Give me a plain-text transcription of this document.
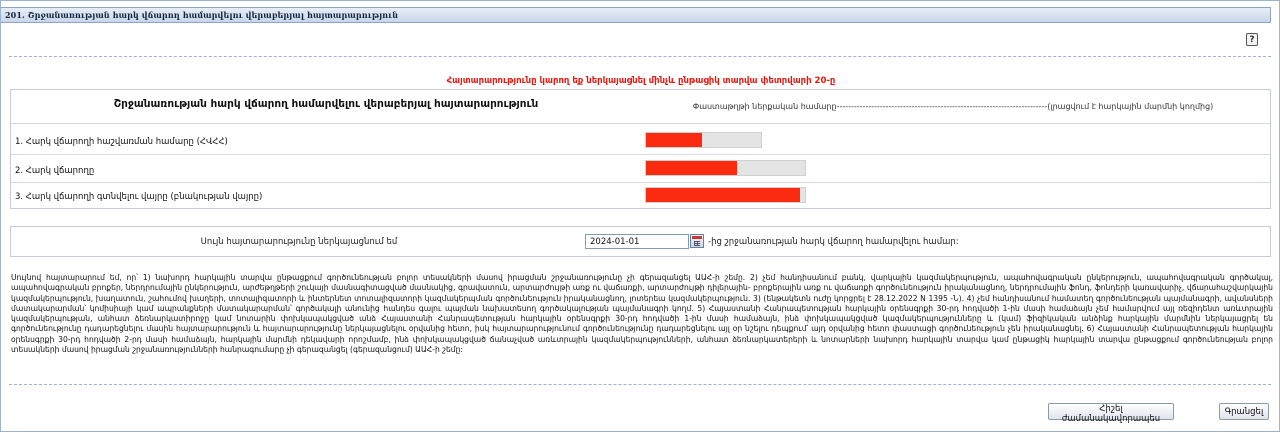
201. Շրջանառության հարկ վճարող համարվելու վերաբերյալ հայտարարություն
?
Հայտարարությունը կարող եք ներկայացնել մինչև ընթացիկ տարվա փետրվարի 20-ը
Շրջանառության հարկ վճարող համարվելու վերաբերյալ հայտարարություն	Փաստաթղթի ներքական համարը-------------------------------------------------------------------------(լրացվում է հարկային մարմնի կողմից)
1. Հարկ վճարողի հաշվառման համարը (ՀՎՀՀ)
2. Հարկ վճարողը
3. Հարկ վճարողի գտնվելու վայրը (բնակության վայրը)
Սույն հայտարարությունը ներկայացնում եմ
2024-01-01	-ից շրջանառության հարկ վճարող համարվելու համար:
Սույնով հայտարարում եմ, որ՝ 1) նախորդ հարկային տարվա ընթացքում գործունեության բոլոր տեսակների մասով իրացման շրջանառությունը չի գերազանցել ԱԱՀ-ի շեմը. 2) չեմ հանդիսանում բանկ, վարկային կազմակերպություն, ապահովագրական ընկերություն, ապահովագրական գործակալ, ապահովագրական բրոքեր, ներդրումային ընկերություն, արժեթղթերի շուկայի մասնագիտացված մասնակից, գրավատուն, արտարժույթի առք ու վաճառքի, արտարժույթի դիլերային- բրոքերային առք ու վաճառքի գործունեություն իրականացնող, ներդրումային ֆոնդ, ֆոնդերի կառավարիչ, վճարահաշվարկային կազմակերպություն, խաղատուն, շահումով խաղերի, տոտալիզատորի և ինտերնետ տոտալիզատորի կազմակերպման գործունեություն իրականացնող, լոտերեա կազմակերպություն. 3) (ենթակետն ուժը կորցրել է 28.12.2022 N 1395 -Ն). 4) չեմ հանդիսանում համատեղ գործունեության պայմանագրի, ավանսների մատակարարման՝ կոմիսիայի կամ ապրանքների մատակարարման՝ գործակալի անունից հանդես գալու պայման նախատեսող գործակալության պայմանագրի կողմ. 5) Հայաստանի Հանրապետության հարկային օրենսգրքի 30-րդ հոդվածի 1-ին մասի համաձայն չեմ համարվում այլ ռեզիդենտ առևտրային կազմակերպության, անհատ ձեռնարկատիրոջը կամ նոտարին փոխկապակցված անձ Հայաստանի Հանրապետության հարկային օրենսգրքի 30-րդ հոդվածի 1-ին մասի համաձայն, ինձ փոխկապակցված կազմակերպությունները և (կամ) ֆիզիկական անձինք հարկային մարմնին ներկայացրել են գործունեությունը դադարեցնելու մասին հայտարարություն և հայտարարությունը ներկայացնելու օրվանից հետո, իսկ հայտարարությունում գործունեությունը դադարեցնելու այլ օր նշելու դեպքում՝ այդ օրվանից հետո փաստացի գործունեություն չեն իրականացնել. 6) Հայաստանի Հանրապետության հարկային օրենսգրքի 30-րդ հոդվածի 2-րդ մասի համաձայն, հարկային մարմնի դեկավարի որոշմամբ, ինձ փոխկապակցված ճանաչված առևտրային կազմակերպությունների, անհատ ձեռնարկատերերի և նոտարների նախորդ հարկային տարվա կամ ընթացիկ հարկային տարվա ընթացքում գործունեության բոլոր տեսակների մասով իրացման շրջանառությունների հանրագումարը չի գերազանցել (գերազանցում) ԱԱՀ-ի շեմը:
Հիշել ժամանակավորապես
Գրանցել
